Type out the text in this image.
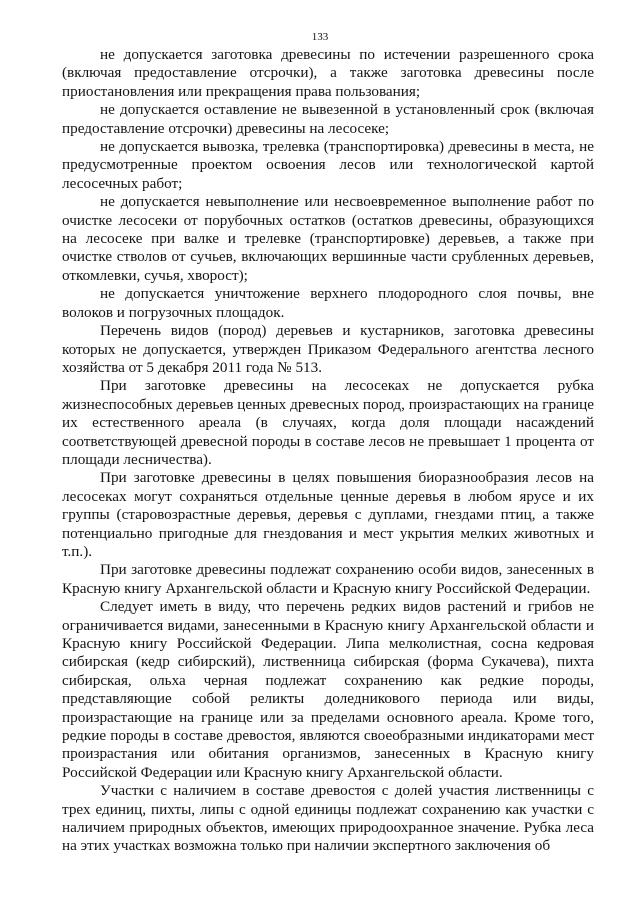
133

не допускается заготовка древесины по истечении разрешенного срока (включая предоставление отсрочки), а также заготовка древесины после приостановления или прекращения права пользования;

не допускается оставление не вывезенной в установленный срок (включая предоставление отсрочки) древесины на лесосеке;

не допускается вывозка, трелевка (транспортировка) древесины в места, не предусмотренные проектом освоения лесов или технологической картой лесосечных работ;

не допускается невыполнение или несвоевременное выполнение работ по очистке лесосеки от порубочных остатков (остатков древесины, образующихся на лесосеке при валке и трелевке (транспортировке) деревьев, а также при очистке стволов от сучьев, включающих вершинные части срубленных деревьев, откомлевки, сучья, хворост);

не допускается уничтожение верхнего плодородного слоя почвы, вне волоков и погрузочных площадок.

Перечень видов (пород) деревьев и кустарников, заготовка древесины которых не допускается, утвержден Приказом Федерального агентства лесного хозяйства от 5 декабря 2011 года № 513.

При заготовке древесины на лесосеках не допускается рубка жизнеспособных деревьев ценных древесных пород, произрастающих на границе их естественного ареала (в случаях, когда доля площади насаждений соответствующей древесной породы в составе лесов не превышает 1 процента от площади лесничества).

При заготовке древесины в целях повышения биоразнообразия лесов на лесосеках могут сохраняться отдельные ценные деревья в любом ярусе и их группы (старовозрастные деревья, деревья с дуплами, гнездами птиц, а также потенциально пригодные для гнездования и мест укрытия мелких животных и т.п.).

При заготовке древесины подлежат сохранению особи видов, занесенных в Красную книгу Архангельской области и Красную книгу Российской Федерации.

Следует иметь в виду, что перечень редких видов растений и грибов не ограничивается видами, занесенными в Красную книгу Архангельской области и Красную книгу Российской Федерации. Липа мелколистная, сосна кедровая сибирская (кедр сибирский), лиственница сибирская (форма Сукачева), пихта сибирская, ольха черная подлежат сохранению как редкие породы, представляющие собой реликты доледникового периода или виды, произрастающие на границе или за пределами основного ареала. Кроме того, редкие породы в составе древостоя, являются своеобразными индикаторами мест произрастания или обитания организмов, занесенных в Красную книгу Российской Федерации или Красную книгу Архангельской области.

Участки с наличием в составе древостоя с долей участия лиственницы с трех единиц, пихты, липы с одной единицы подлежат сохранению как участки с наличием природных объектов, имеющих природоохранное значение. Рубка леса на этих участках возможна только при наличии экспертного заключения об
